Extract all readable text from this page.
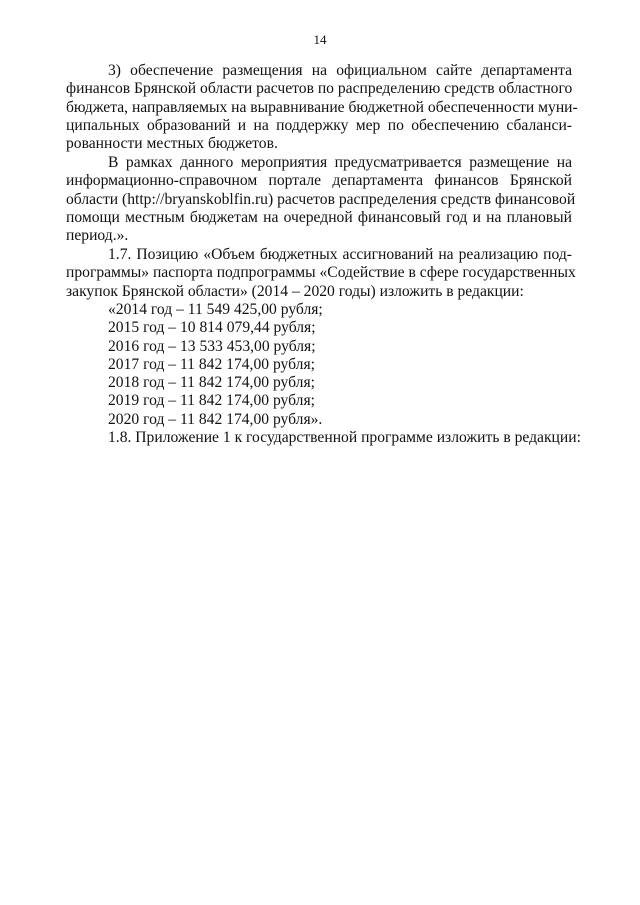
14
3) обеспечение размещения на официальном сайте департамента
финансов Брянской области расчетов по распределению средств областного
бюджета, направляемых на выравнивание бюджетной обеспеченности муни-
ципальных образований и на поддержку мер по обеспечению сбаланси-
рованности местных бюджетов.
В рамках данного мероприятия предусматривается размещение на
информационно-справочном портале департамента финансов Брянской
области (http://bryanskoblfin.ru) расчетов распределения средств финансовой
помощи местным бюджетам на очередной финансовый год и на плановый
период.».
1.7. Позицию «Объем бюджетных ассигнований на реализацию под-
программы» паспорта подпрограммы «Содействие в сфере государственных
закупок Брянской области» (2014 – 2020 годы) изложить в редакции:
«2014 год – 11 549 425,00 рубля;
2015 год – 10 814 079,44 рубля;
2016 год – 13 533 453,00 рубля;
2017 год – 11 842 174,00 рубля;
2018 год – 11 842 174,00 рубля;
2019 год – 11 842 174,00 рубля;
2020 год – 11 842 174,00 рубля».
1.8. Приложение 1 к государственной программе изложить в редакции:
